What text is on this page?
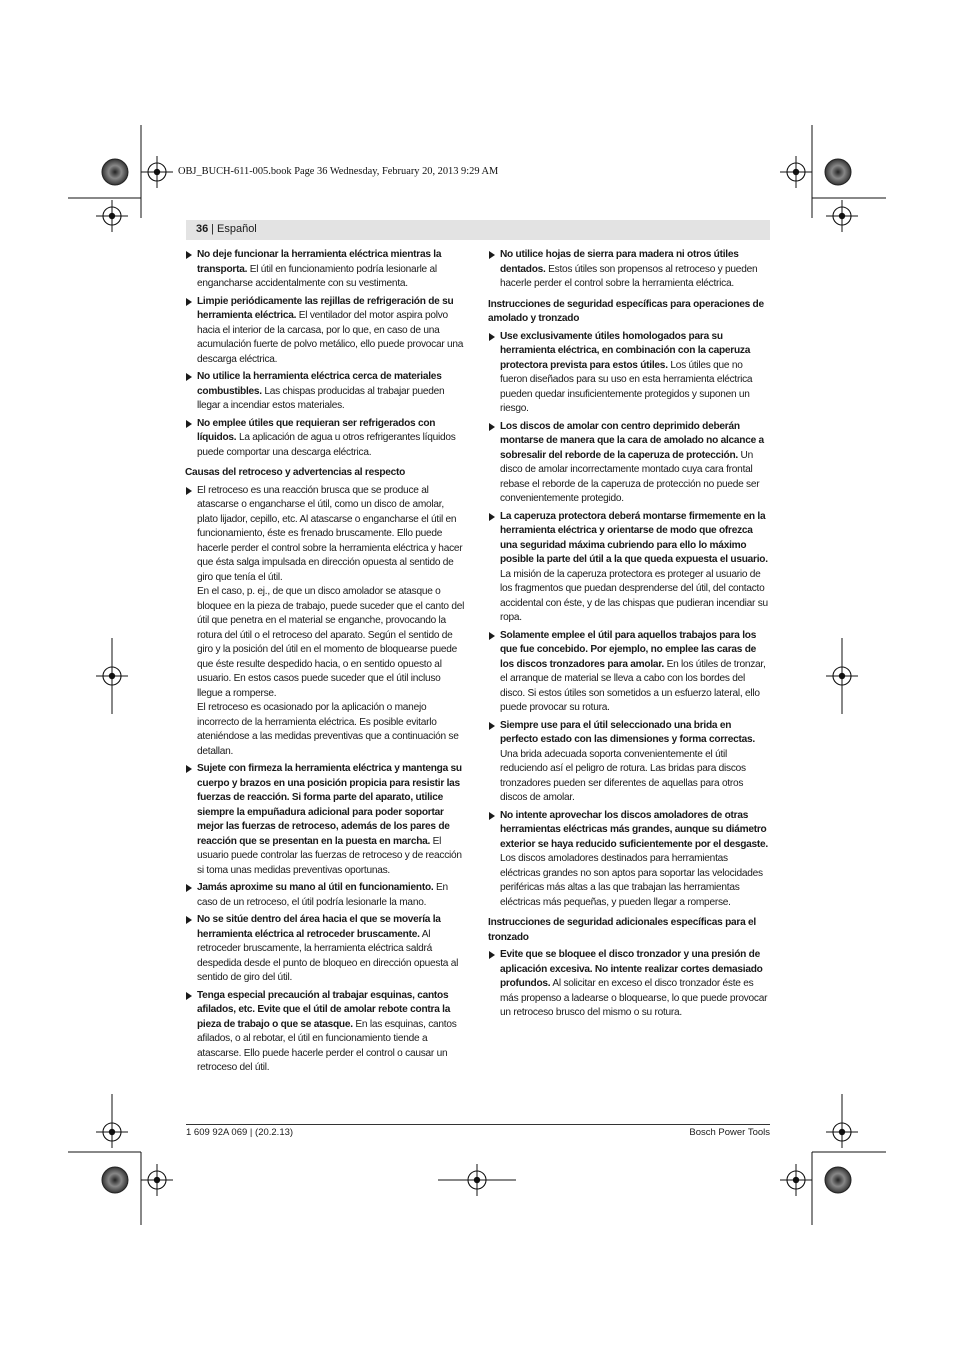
OBJ_BUCH-611-005.book Page 36 Wednesday, February 20, 2013 9:29 AM
36 | Español

No deje funcionar la herramienta eléctrica mientras la transporta. El útil en funcionamiento podría lesionarle al engancharse accidentalmente con su vestimenta.

Limpie periódicamente las rejillas de refrigeración de su herramienta eléctrica. El ventilador del motor aspira polvo hacia el interior de la carcasa, por lo que, en caso de una acumulación fuerte de polvo metálico, ello puede provocar una descarga eléctrica.

No utilice la herramienta eléctrica cerca de materiales combustibles. Las chispas producidas al trabajar pueden llegar a incendiar estos materiales.

No emplee útiles que requieran ser refrigerados con líquidos. La aplicación de agua u otros refrigerantes líquidos puede comportar una descarga eléctrica.

Causas del retroceso y advertencias al respecto

El retroceso es una reacción brusca que se produce al atascarse o engancharse el útil, como un disco de amolar, plato lijador, cepillo, etc. Al atascarse o engancharse el útil en funcionamiento, éste es frenado bruscamente. Ello puede hacerle perder el control sobre la herramienta eléctrica y hacer que ésta salga impulsada en dirección opuesta al sentido de giro que tenía el útil.

En el caso, p. ej., de que un disco amolador se atasque o bloquee en la pieza de trabajo, puede suceder que el canto del útil que penetra en el material se enganche, provocando la rotura del útil o el retroceso del aparato. Según el sentido de giro y la posición del útil en el momento de bloquearse puede que éste resulte despedido hacia, o en sentido opuesto al usuario. En estos casos puede suceder que el útil incluso llegue a romperse.

El retroceso es ocasionado por la aplicación o manejo incorrecto de la herramienta eléctrica. Es posible evitarlo ateniéndose a las medidas preventivas que a continuación se detallan.

Sujete con firmeza la herramienta eléctrica y mantenga su cuerpo y brazos en una posición propicia para resistir las fuerzas de reacción. Si forma parte del aparato, utilice siempre la empuñadura adicional para poder soportar mejor las fuerzas de retroceso, además de los pares de reacción que se presentan en la puesta en marcha. El usuario puede controlar las fuerzas de retroceso y de reacción si toma unas medidas preventivas oportunas.

Jamás aproxime su mano al útil en funcionamiento. En caso de un retroceso, el útil podría lesionarle la mano.

No se sitúe dentro del área hacia el que se movería la herramienta eléctrica al retroceder bruscamente. Al retroceder bruscamente, la herramienta eléctrica saldrá despedida desde el punto de bloqueo en dirección opuesta al sentido de giro del útil.

Tenga especial precaución al trabajar esquinas, cantos afilados, etc. Evite que el útil de amolar rebote contra la pieza de trabajo o que se atasque. En las esquinas, cantos afilados, o al rebotar, el útil en funcionamiento tiende a atascarse. Ello puede hacerle perder el control o causar un retroceso del útil.

No utilice hojas de sierra para madera ni otros útiles dentados. Estos útiles son propensos al retroceso y pueden hacerle perder el control sobre la herramienta eléctrica.

Instrucciones de seguridad específicas para operaciones de amolado y tronzado

Use exclusivamente útiles homologados para su herramienta eléctrica, en combinación con la caperuza protectora prevista para estos útiles. Los útiles que no fueron diseñados para su uso en esta herramienta eléctrica pueden quedar insuficientemente protegidos y suponen un riesgo.

Los discos de amolar con centro deprimido deberán montarse de manera que la cara de amolado no alcance a sobresalir del reborde de la caperuza de protección. Un disco de amolar incorrectamente montado cuya cara frontal rebase el reborde de la caperuza de protección no puede ser convenientemente protegido.

La caperuza protectora deberá montarse firmemente en la herramienta eléctrica y orientarse de modo que ofrezca una seguridad máxima cubriendo para ello lo máximo posible la parte del útil a la que queda expuesta el usuario. La misión de la caperuza protectora es proteger al usuario de los fragmentos que puedan desprenderse del útil, del contacto accidental con éste, y de las chispas que pudieran incendiar su ropa.

Solamente emplee el útil para aquellos trabajos para los que fue concebido. Por ejemplo, no emplee las caras de los discos tronzadores para amolar. En los útiles de tronzar, el arranque de material se lleva a cabo con los bordes del disco. Si estos útiles son sometidos a un esfuerzo lateral, ello puede provocar su rotura.

Siempre use para el útil seleccionado una brida en perfecto estado con las dimensiones y forma correctas. Una brida adecuada soporta convenientemente el útil reduciendo así el peligro de rotura. Las bridas para discos tronzadores pueden ser diferentes de aquellas para otros discos de amolar.

No intente aprovechar los discos amoladores de otras herramientas eléctricas más grandes, aunque su diámetro exterior se haya reducido suficientemente por el desgaste. Los discos amoladores destinados para herramientas eléctricas grandes no son aptos para soportar las velocidades periféricas más altas a las que trabajan las herramientas eléctricas más pequeñas, y pueden llegar a romperse.

Instrucciones de seguridad adicionales específicas para el tronzado

Evite que se bloquee el disco tronzador y una presión de aplicación excesiva. No intente realizar cortes demasiado profundos. Al solicitar en exceso el disco tronzador éste es más propenso a ladearse o bloquearse, lo que puede provocar un retroceso brusco del mismo o su rotura.

1 609 92A 069 | (20.2.13)	Bosch Power Tools
